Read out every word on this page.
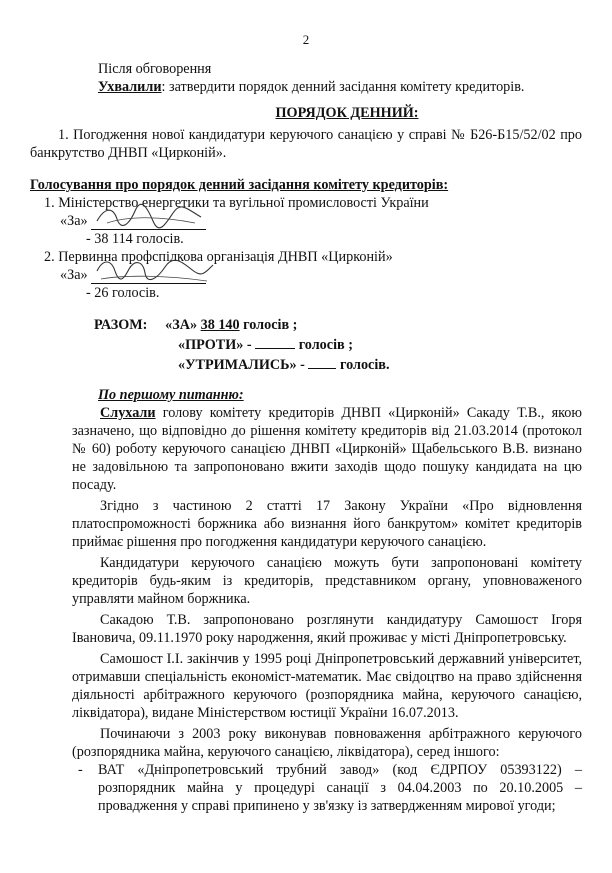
2

Після обговорення

Ухвалили: затвердити порядок денний засідання комітету кредиторів.

ПОРЯДОК ДЕННИЙ:

1. Погодження нової кандидатури керуючого санацією у справі № Б26-Б15/52/02 про банкрутство ДНВП «Цирконій».

Голосування про порядок денний засідання комітету кредиторів:

1. Міністерство енергетики та вугільної промисловості України

«За»

- 38 114 голосів.

2. Первинна профспілкова організація ДНВП «Цирконій»

«За»

- 26 голосів.

РАЗОМ: «ЗА» 38 140 голосів ;

«ПРОТИ» -	голосів ;

«УТРИМАЛИСЬ» - голосів.

По першому питанню:

Слухали голову комітету кредиторів ДНВП «Цирконій» Сакаду Т.В., якою зазначено, що відповідно до рішення комітету кредиторів від 21.03.2014 (протокол № 60) роботу керуючого санацією ДНВП «Цирконій» Щабельського В.В. визнано не задовільною та запропоновано вжити заходів щодо пошуку кандидата на цю посаду.

Згідно з частиною 2 статті 17 Закону України «Про відновлення платоспроможності боржника або визнання його банкрутом» комітет кредиторів приймає рішення про погодження кандидатури керуючого санацією.

Кандидатури керуючого санацією можуть бути запропоновані комітету кредиторів будь-яким із кредиторів, представником органу, уповноваженого управляти майном боржника.

Сакадою Т.В. запропоновано розглянути кандидатуру Самошост Ігоря Івановича, 09.11.1970 року народження, який проживає у місті Дніпропетровську.

Самошост І.І. закінчив у 1995 році Дніпропетровський державний університет, отримавши спеціальність економіст-математик. Має свідоцтво на право здійснення діяльності арбітражного керуючого (розпорядника майна, керуючого санацією, ліквідатора), видане Міністерством юстиції України 16.07.2013.

Починаючи з 2003 року виконував повноваження арбітражного керуючого (розпорядника майна, керуючого санацією, ліквідатора), серед іншого:

- ВАТ «Дніпропетровський трубний завод» (код ЄДРПОУ 05393122) – розпорядник майна у процедурі санації з 04.04.2003 по 20.10.2005 – провадження у справі припинено у зв'язку із затвердженням мирової угоди;
